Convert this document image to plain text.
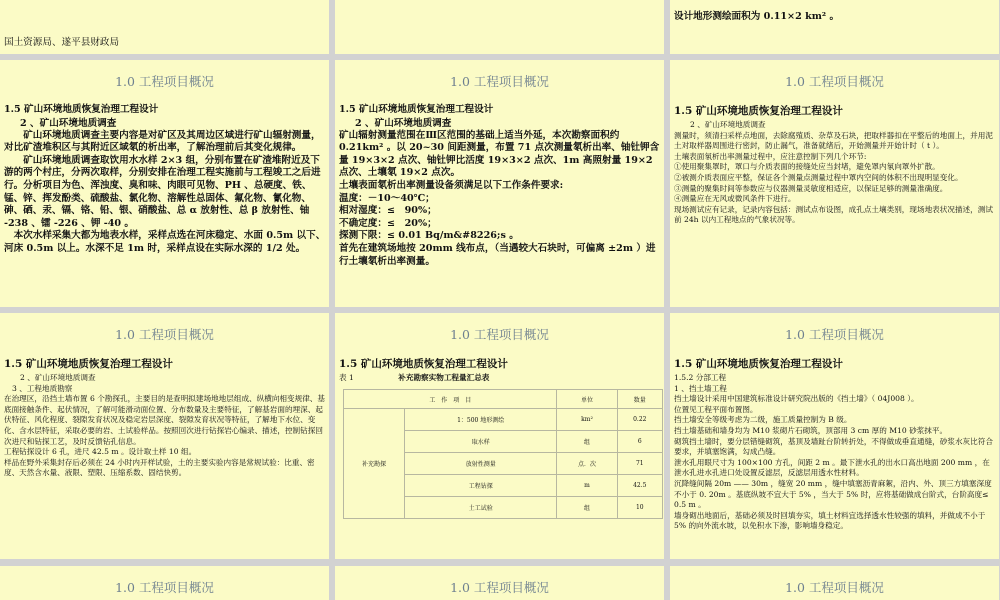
国土资源局、遂平县财政局

设计地形测绘面积为 0.11×2 km² 。

1.0 工程项目概况

1.5 矿山环境地质恢复治理工程设计

2 、矿山环境地质调查

矿山环境地质调查主要内容是对矿区及其周边区域进行矿山辐射测量，对比矿渣堆积区与其附近区域氡的析出率，了解治理前后其变化规律。

矿山环境地质调查取饮用水水样 2×3 组，分别布置在矿渣堆附近及下游的两个村庄，分两次取样，分别安排在治理工程实施前与工程竣工之后进行。分析项目为色、浑浊度、臭和味、肉眼可见物、PH 、总硬度、铁、锰、锌、挥发酚类、硫酸盐、氯化物、溶解性总固体、氟化物、氰化物、砷、硒、汞、镉、铬、铅、银、硝酸盐、总 α 放射性、总 β 放射性、铀 -238 、镭 -226 、钾 -40 。

本次水样采集大都为地表水样，采样点选在河床稳定、水面 0.5m 以下、河床 0.5m 以上。水深不足 1m 时，采样点设在实际水深的 1/2 处。

1.0 工程项目概况

1.5 矿山环境地质恢复治理工程设计

2 、矿山环境地质调查

矿山辐射测量范围在Ⅲ区范围的基础上适当外延，本次勘察面积约 0.21km² 。以 20~30 间距测量，布置 71 点次测量氡析出率、铀钍钾含量 19×3×2 点次、铀钍钾比活度 19×3×2 点次、1m 高照射量 19×2 点次、土壤氡 19×2 点次。

土壤表面氡析出率测量设备须满足以下工作条件要求:

温度：－10～40℃；

相对湿度：≤　90%；

不确定度：≤　20%；

探测下限：≤ 0.01 Bq/m&#8226;s 。

首先在建筑场地按 20mm 线布点，（当遇较大石块时，可偏离 ±2m ）进行土壤氡析出率测量。

1.0 工程项目概况

1.5 矿山环境地质恢复治理工程设计

2 、矿山环境地质调查

测量时，须清扫采样点地面，去除腐殖质、杂草及石块，把取样器扣在平整后的地面上，并用泥土对取样器周围进行密封，防止漏气，准备就绪后，开始测量并开始计时（ t ）。

土壤表面氡析出率测量过程中，应注意控制下列几个环节:

①使用聚集罩时，罩口与介质表面的接缝处应当封堵，避免罩内氡向罩外扩散。

②被测介质表面应平整，保证各个测量点测量过程中罩内空间的体积不出现明显变化。

③测量的聚集时间等参数应与仪器测量灵敏度相适应，以保证足够的测量准确度。

④测量应在无风或微风条件下进行。

现场测试应有记录，记录内容包括：测试点布设图，成孔点土壤类别，现场地表状况描述，测试前 24h 以内工程地点的气象状况等。

1.0 工程项目概况

1.5 矿山环境地质恢复治理工程设计

2 、矿山环境地质调查

3 、工程地质勘察

在治理区，沿挡土墙布置 6 个勘探孔，主要目的是查明拟建场地地层组成、纵横向相变规律、基底面接触条件、起伏情况，了解可能滑动面位置、分布数量及主要特征，了解基岩面的埋深、起伏特征、风化程度、裂隙发育状况及稳定岩层深度、裂隙发育状况等特征，了解地下水位、变化、含水层特征，采取必要的岩、土试验样品。按照回次进行钻探岩心编录、描述，控制钻探回次进尺和钻探工艺，及时反馈钻孔信息。

工程钻探设计 6 孔，进尺 42.5 m 。设计取土样 10 组。

样品在野外采集封存后必须在 24 小时内开样试验，土的主要实验内容是常规试验：比重、密度、天然含水量、液限、塑限、压缩系数、固结快剪。

1.0 工程项目概况

1.5 矿山环境地质恢复治理工程设计

表 1	补充勘察实物工程量汇总表

工　作　项　目		单位	数量
补充勘探	1：500 地形测绘	km²	0.22
	取水样	组	6
	放射性测量	点．次	71
	工程钻探	m	42.5
	土工试验	组	10
1.0 工程项目概况

1.5 矿山环境地质恢复治理工程设计

1.5.2 分部工程

1 、挡土墙工程

挡土墙设计采用中国建筑标准设计研究院出版的《挡土墙》（ 04J008 ）。

位置见工程平面布置图。

挡土墙安全等级考虑为二级，施工质量控制为 B 级。

挡土墙基础和墙身均为 M10 浆砌片石砌筑，顶部用 3 cm 厚的 M10 砂浆抹平。

砌筑挡土墙时，要分层错缝砌筑，基顶及墙趾台阶转折处，不得做成垂直通缝，砂浆水灰比符合要求，并填塞饱满，勾成凸缝。

泄水孔用眼尺寸为 100×100 方孔，间距 2 m 。最下泄水孔的出水口高出地面 200 mm ，在泄水孔进水孔进口处设置反滤层，反滤层用透水性材料。

沉降缝间隔 20m —— 30m ，缝宽 20 mm ，缝中填塞沥青麻絮，沿内、外、顶三方填塞深度不小于 0. 20m 。基底纵坡不宜大于 5% ，当大于 5% 时，应将基础做成台阶式，台阶高度≤ 0.5 m 。

墙身砌出地面后，基础必须及时回填夯实，填土材料宜选择透水性较强的填料，并做成不小于 5% 的向外流水坡，以免积水下渗，影响墙身稳定。

1.0 工程项目概况	1.0 工程项目概况	1.0 工程项目概况
